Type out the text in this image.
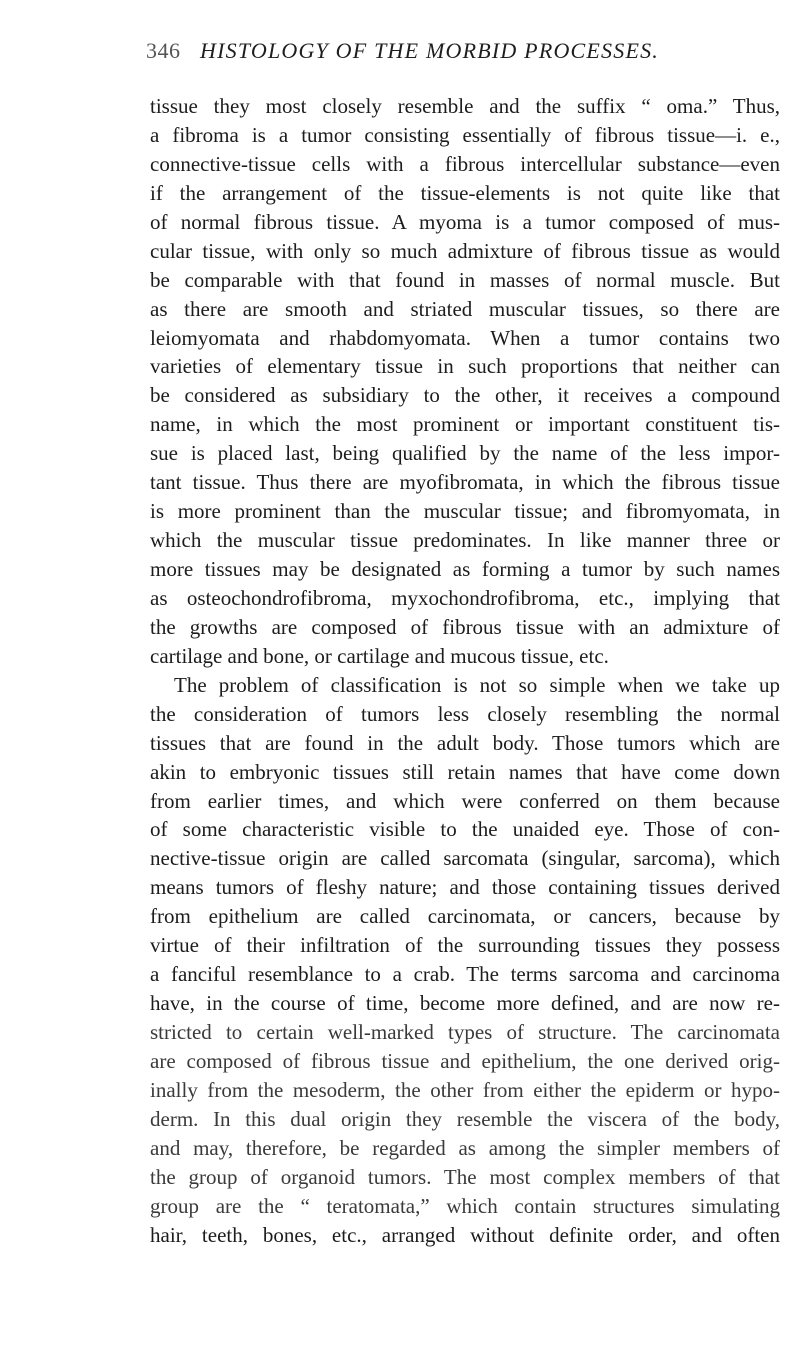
346 HISTOLOGY OF THE MORBID PROCESSES.
tissue they most closely resemble and the suffix “ oma.” Thus,
a fibroma is a tumor consisting essentially of fibrous tissue—i. e.,
connective-tissue cells with a fibrous intercellular substance—even
if the arrangement of the tissue-elements is not quite like that
of normal fibrous tissue. A myoma is a tumor composed of mus-
cular tissue, with only so much admixture of fibrous tissue as would
be comparable with that found in masses of normal muscle. But
as there are smooth and striated muscular tissues, so there are
leiomyomata and rhabdomyomata. When a tumor contains two
varieties of elementary tissue in such proportions that neither can
be considered as subsidiary to the other, it receives a compound
name, in which the most prominent or important constituent tis-
sue is placed last, being qualified by the name of the less impor-
tant tissue. Thus there are myofibromata, in which the fibrous tissue
is more prominent than the muscular tissue; and fibromyomata, in
which the muscular tissue predominates. In like manner three or
more tissues may be designated as forming a tumor by such names
as osteochondrofibroma, myxochondrofibroma, etc., implying that
the growths are composed of fibrous tissue with an admixture of
cartilage and bone, or cartilage and mucous tissue, etc.
The problem of classification is not so simple when we take up
the consideration of tumors less closely resembling the normal
tissues that are found in the adult body. Those tumors which are
akin to embryonic tissues still retain names that have come down
from earlier times, and which were conferred on them because
of some characteristic visible to the unaided eye. Those of con-
nective-tissue origin are called sarcomata (singular, sarcoma), which
means tumors of fleshy nature; and those containing tissues derived
from epithelium are called carcinomata, or cancers, because by
virtue of their infiltration of the surrounding tissues they possess
a fanciful resemblance to a crab. The terms sarcoma and carcinoma
have, in the course of time, become more defined, and are now re-
stricted to certain well-marked types of structure. The carcinomata
are composed of fibrous tissue and epithelium, the one derived orig-
inally from the mesoderm, the other from either the epiderm or hypo-
derm. In this dual origin they resemble the viscera of the body,
and may, therefore, be regarded as among the simpler members of
the group of organoid tumors. The most complex members of that
group are the “ teratomata,” which contain structures simulating
hair, teeth, bones, etc., arranged without definite order, and often
